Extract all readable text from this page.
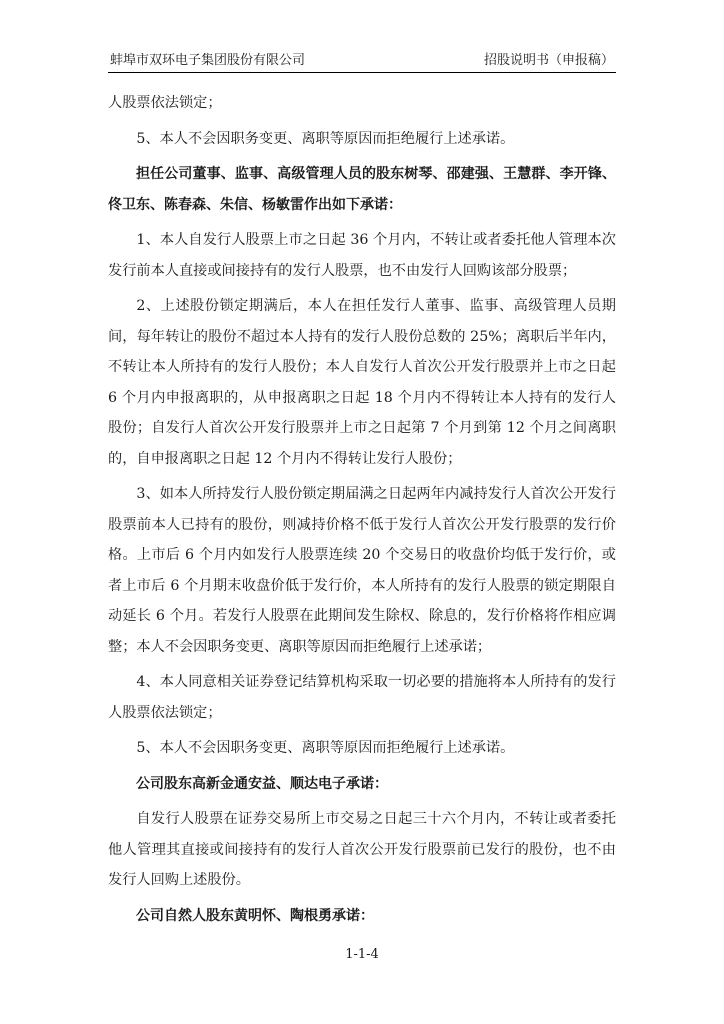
蚌埠市双环电子集团股份有限公司	招股说明书（申报稿）

人股票依法锁定；

5、本人不会因职务变更、离职等原因而拒绝履行上述承诺。

担任公司董事、监事、高级管理人员的股东树琴、邵建强、王慧群、李开锋、佟卫东、陈春森、朱信、杨敏雷作出如下承诺：

1、本人自发行人股票上市之日起 36 个月内，不转让或者委托他人管理本次发行前本人直接或间接持有的发行人股票，也不由发行人回购该部分股票；

2、上述股份锁定期满后，本人在担任发行人董事、监事、高级管理人员期间，每年转让的股份不超过本人持有的发行人股份总数的 25%；离职后半年内，不转让本人所持有的发行人股份；本人自发行人首次公开发行股票并上市之日起 6 个月内申报离职的，从申报离职之日起 18 个月内不得转让本人持有的发行人股份；自发行人首次公开发行股票并上市之日起第 7 个月到第 12 个月之间离职的，自申报离职之日起 12 个月内不得转让发行人股份；

3、如本人所持发行人股份锁定期届满之日起两年内减持发行人首次公开发行股票前本人已持有的股份，则减持价格不低于发行人首次公开发行股票的发行价格。上市后 6 个月内如发行人股票连续 20 个交易日的收盘价均低于发行价，或者上市后 6 个月期末收盘价低于发行价，本人所持有的发行人股票的锁定期限自动延长 6 个月。若发行人股票在此期间发生除权、除息的，发行价格将作相应调整；本人不会因职务变更、离职等原因而拒绝履行上述承诺；

4、本人同意相关证券登记结算机构采取一切必要的措施将本人所持有的发行人股票依法锁定；

5、本人不会因职务变更、离职等原因而拒绝履行上述承诺。

公司股东高新金通安益、顺达电子承诺：

自发行人股票在证券交易所上市交易之日起三十六个月内，不转让或者委托他人管理其直接或间接持有的发行人首次公开发行股票前已发行的股份，也不由发行人回购上述股份。

公司自然人股东黄明怀、陶根勇承诺：

1-1-4
